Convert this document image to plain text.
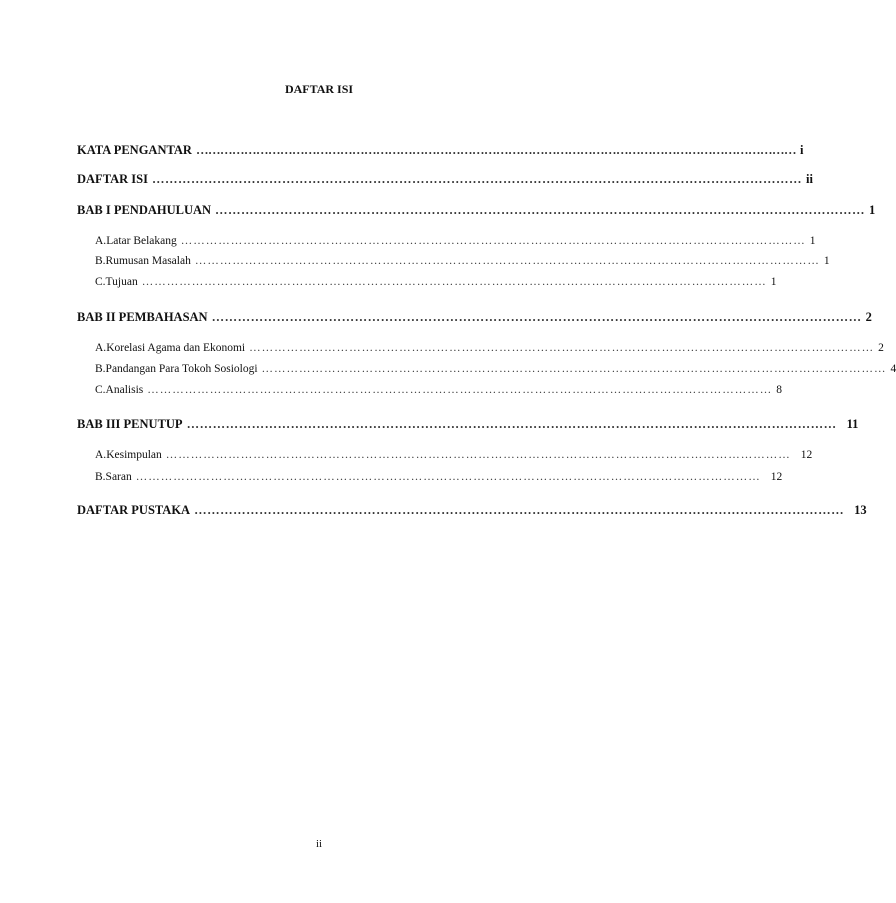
DAFTAR ISI
KATA PENGANTAR …………………………………………………………………………………………………………………………………… i
DAFTAR ISI …………………………………………………………………………………………………………………………………… ii
BAB I PENDAHULUAN …………………………………………………………………………………………………………………………………… 1
A. Latar Belakang …………………………………………………………………………………………………………………………………… 1
B. Rumusan Masalah …………………………………………………………………………………………………………………………………… 1
C. Tujuan …………………………………………………………………………………………………………………………………… 1
BAB II PEMBAHASAN …………………………………………………………………………………………………………………………………… 2
A. Korelasi Agama dan Ekonomi …………………………………………………………………………………………………………………………………… 2
B. Pandangan Para Tokoh Sosiologi …………………………………………………………………………………………………………………………………… 4
C. Analisis …………………………………………………………………………………………………………………………………… 8
BAB III PENUTUP …………………………………………………………………………………………………………………………………… 11
A. Kesimpulan …………………………………………………………………………………………………………………………………… 12
B. Saran …………………………………………………………………………………………………………………………………… 12
DAFTAR PUSTAKA …………………………………………………………………………………………………………………………………… 13
ii
